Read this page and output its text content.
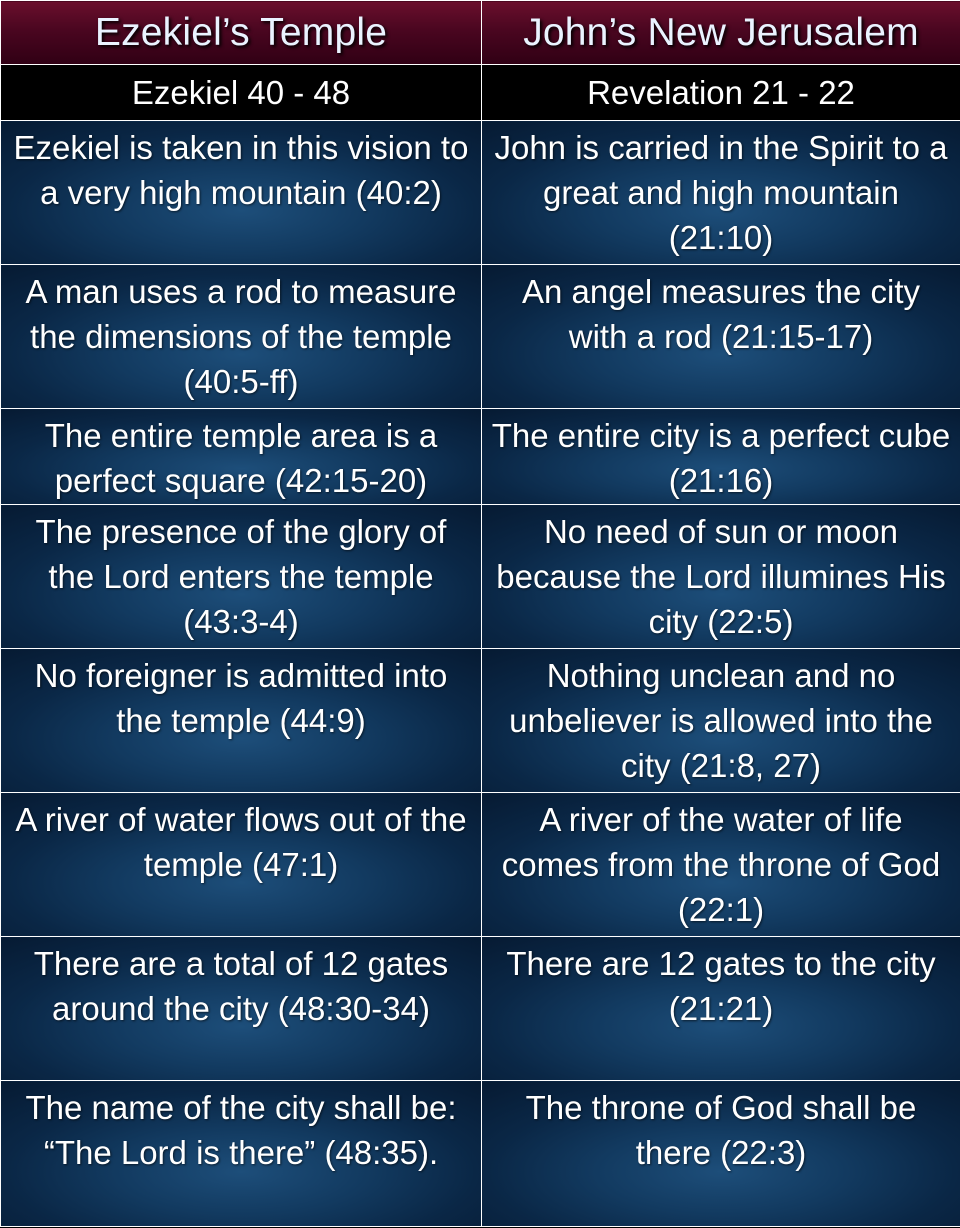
Ezekiel’s Temple	John’s New Jerusalem
Ezekiel 40 - 48	Revelation 21 - 22
Ezekiel is taken in this vision to a very high mountain (40:2)	John is carried in the Spirit to a great and high mountain (21:10)
A man uses a rod to measure the dimensions of the temple (40:5-ff)	An angel measures the city with a rod (21:15-17)
The entire temple area is a perfect square (42:15-20)	The entire city is a perfect cube (21:16)
The presence of the glory of the Lord enters the temple (43:3-4)	No need of sun or moon because the Lord illumines His city (22:5)
No foreigner is admitted into the temple (44:9)	Nothing unclean and no unbeliever is allowed into the city (21:8, 27)
A river of water flows out of the temple (47:1)	A river of the water of life comes from the throne of God (22:1)
There are a total of 12 gates around the city (48:30-34)	There are 12 gates to the city (21:21)
The name of the city shall be: “The Lord is there” (48:35).	The throne of God shall be there (22:3)
